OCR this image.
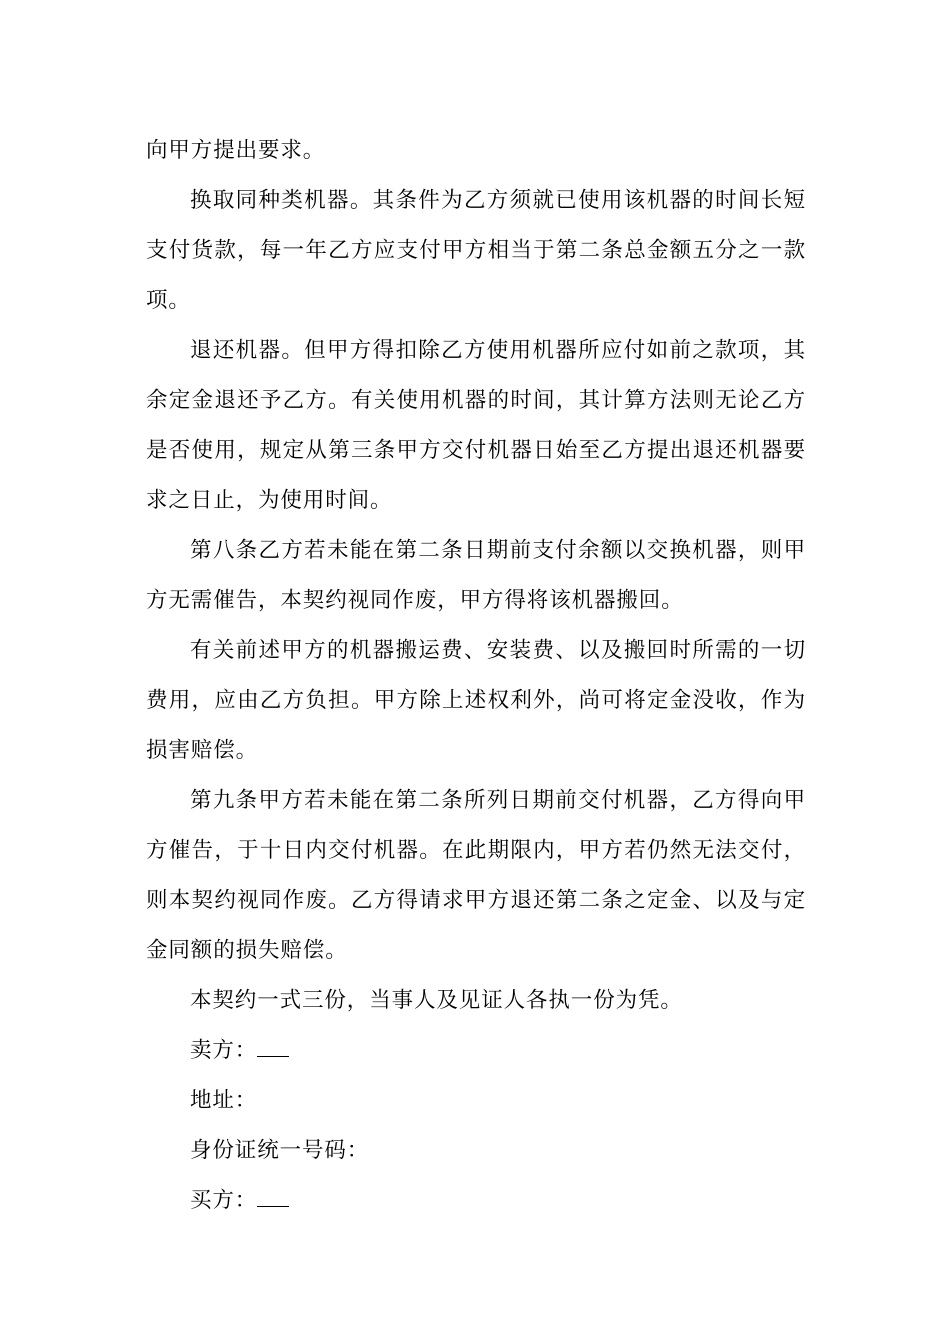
向甲方提出要求。

换取同种类机器。其条件为乙方须就已使用该机器的时间长短支付货款，每一年乙方应支付甲方相当于第二条总金额五分之一款项。

退还机器。但甲方得扣除乙方使用机器所应付如前之款项，其余定金退还予乙方。有关使用机器的时间，其计算方法则无论乙方是否使用，规定从第三条甲方交付机器日始至乙方提出退还机器要求之日止，为使用时间。

第八条乙方若未能在第二条日期前支付余额以交换机器，则甲方无需催告，本契约视同作废，甲方得将该机器搬回。

有关前述甲方的机器搬运费、安装费、以及搬回时所需的一切费用，应由乙方负担。甲方除上述权利外，尚可将定金没收，作为损害赔偿。

第九条甲方若未能在第二条所列日期前交付机器，乙方得向甲方催告，于十日内交付机器。在此期限内，甲方若仍然无法交付，则本契约视同作废。乙方得请求甲方退还第二条之定金、以及与定金同额的损失赔偿。

本契约一式三份，当事人及见证人各执一份为凭。

卖方：

地址：

身份证统一号码：

买方：
